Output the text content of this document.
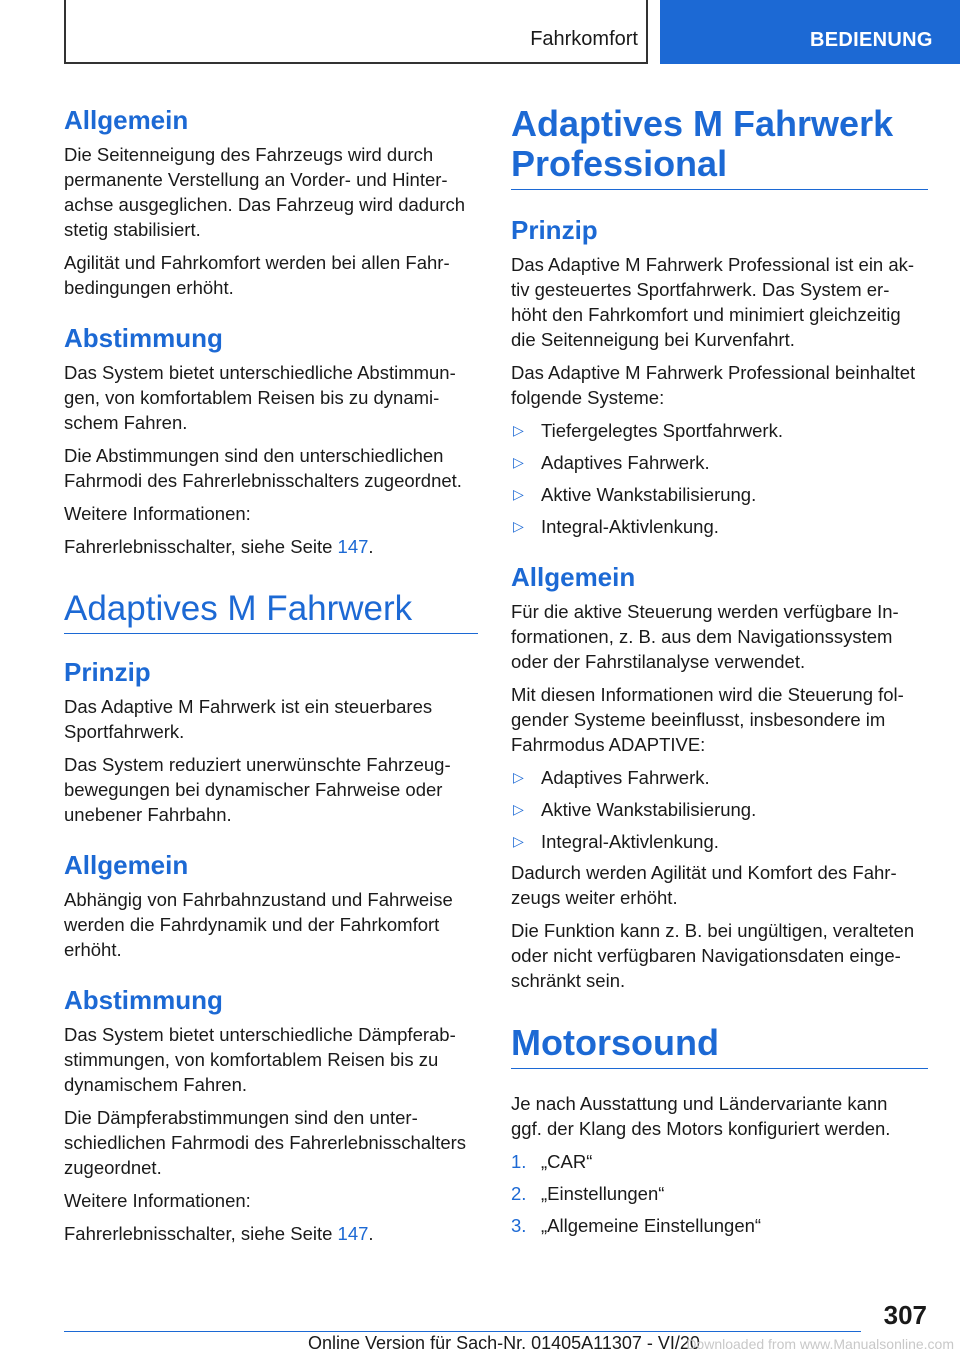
Fahrkomfort	BEDIENUNG
Allgemein

Die Seitenneigung des Fahrzeugs wird durch
permanente Verstellung an Vorder- und Hinter-
achse ausgeglichen. Das Fahrzeug wird dadurch
stetig stabilisiert.

Agilität und Fahrkomfort werden bei allen Fahr-
bedingungen erhöht.

Abstimmung

Das System bietet unterschiedliche Abstimmun-
gen, von komfortablem Reisen bis zu dynami-
schem Fahren.

Die Abstimmungen sind den unterschiedlichen
Fahrmodi des Fahrerlebnisschalters zugeordnet.

Weitere Informationen:

Fahrerlebnisschalter, siehe Seite 147.

Adaptives M Fahrwerk
Prinzip

Das Adaptive M Fahrwerk ist ein steuerbares
Sportfahrwerk.

Das System reduziert unerwünschte Fahrzeug-
bewegungen bei dynamischer Fahrweise oder
unebener Fahrbahn.

Allgemein

Abhängig von Fahrbahnzustand und Fahrweise
werden die Fahrdynamik und der Fahrkomfort
erhöht.

Abstimmung

Das System bietet unterschiedliche Dämpferab-
stimmungen, von komfortablem Reisen bis zu
dynamischem Fahren.

Die Dämpferabstimmungen sind den unter-
schiedlichen Fahrmodi des Fahrerlebnisschalters
zugeordnet.

Weitere Informationen:

Fahrerlebnisschalter, siehe Seite 147.

Adaptives M Fahrwerk
Professional
Prinzip

Das Adaptive M Fahrwerk Professional ist ein ak-
tiv gesteuertes Sportfahrwerk. Das System er-
höht den Fahrkomfort und minimiert gleichzeitig
die Seitenneigung bei Kurvenfahrt.

Das Adaptive M Fahrwerk Professional beinhaltet
folgende Systeme:

▷ Tiefergelegtes Sportfahrwerk.
▷ Adaptives Fahrwerk.
▷ Aktive Wankstabilisierung.
▷ Integral-Aktivlenkung.
Allgemein

Für die aktive Steuerung werden verfügbare In-
formationen, z. B. aus dem Navigationssystem
oder der Fahrstilanalyse verwendet.

Mit diesen Informationen wird die Steuerung fol-
gender Systeme beeinflusst, insbesondere im
Fahrmodus ADAPTIVE:

▷ Adaptives Fahrwerk.
▷ Aktive Wankstabilisierung.
▷ Integral-Aktivlenkung.

Dadurch werden Agilität und Komfort des Fahr-
zeugs weiter erhöht.

Die Funktion kann z. B. bei ungültigen, veralteten
oder nicht verfügbaren Navigationsdaten einge-
schränkt sein.

Motorsound

Je nach Ausstattung und Ländervariante kann
ggf. der Klang des Motors konfiguriert werden.

1. „CAR“
2. „Einstellungen“
3. „Allgemeine Einstellungen“
307
Online Version für Sach-Nr. 01405A11307 - VI/20
Downloaded from www.Manualsonline.com
